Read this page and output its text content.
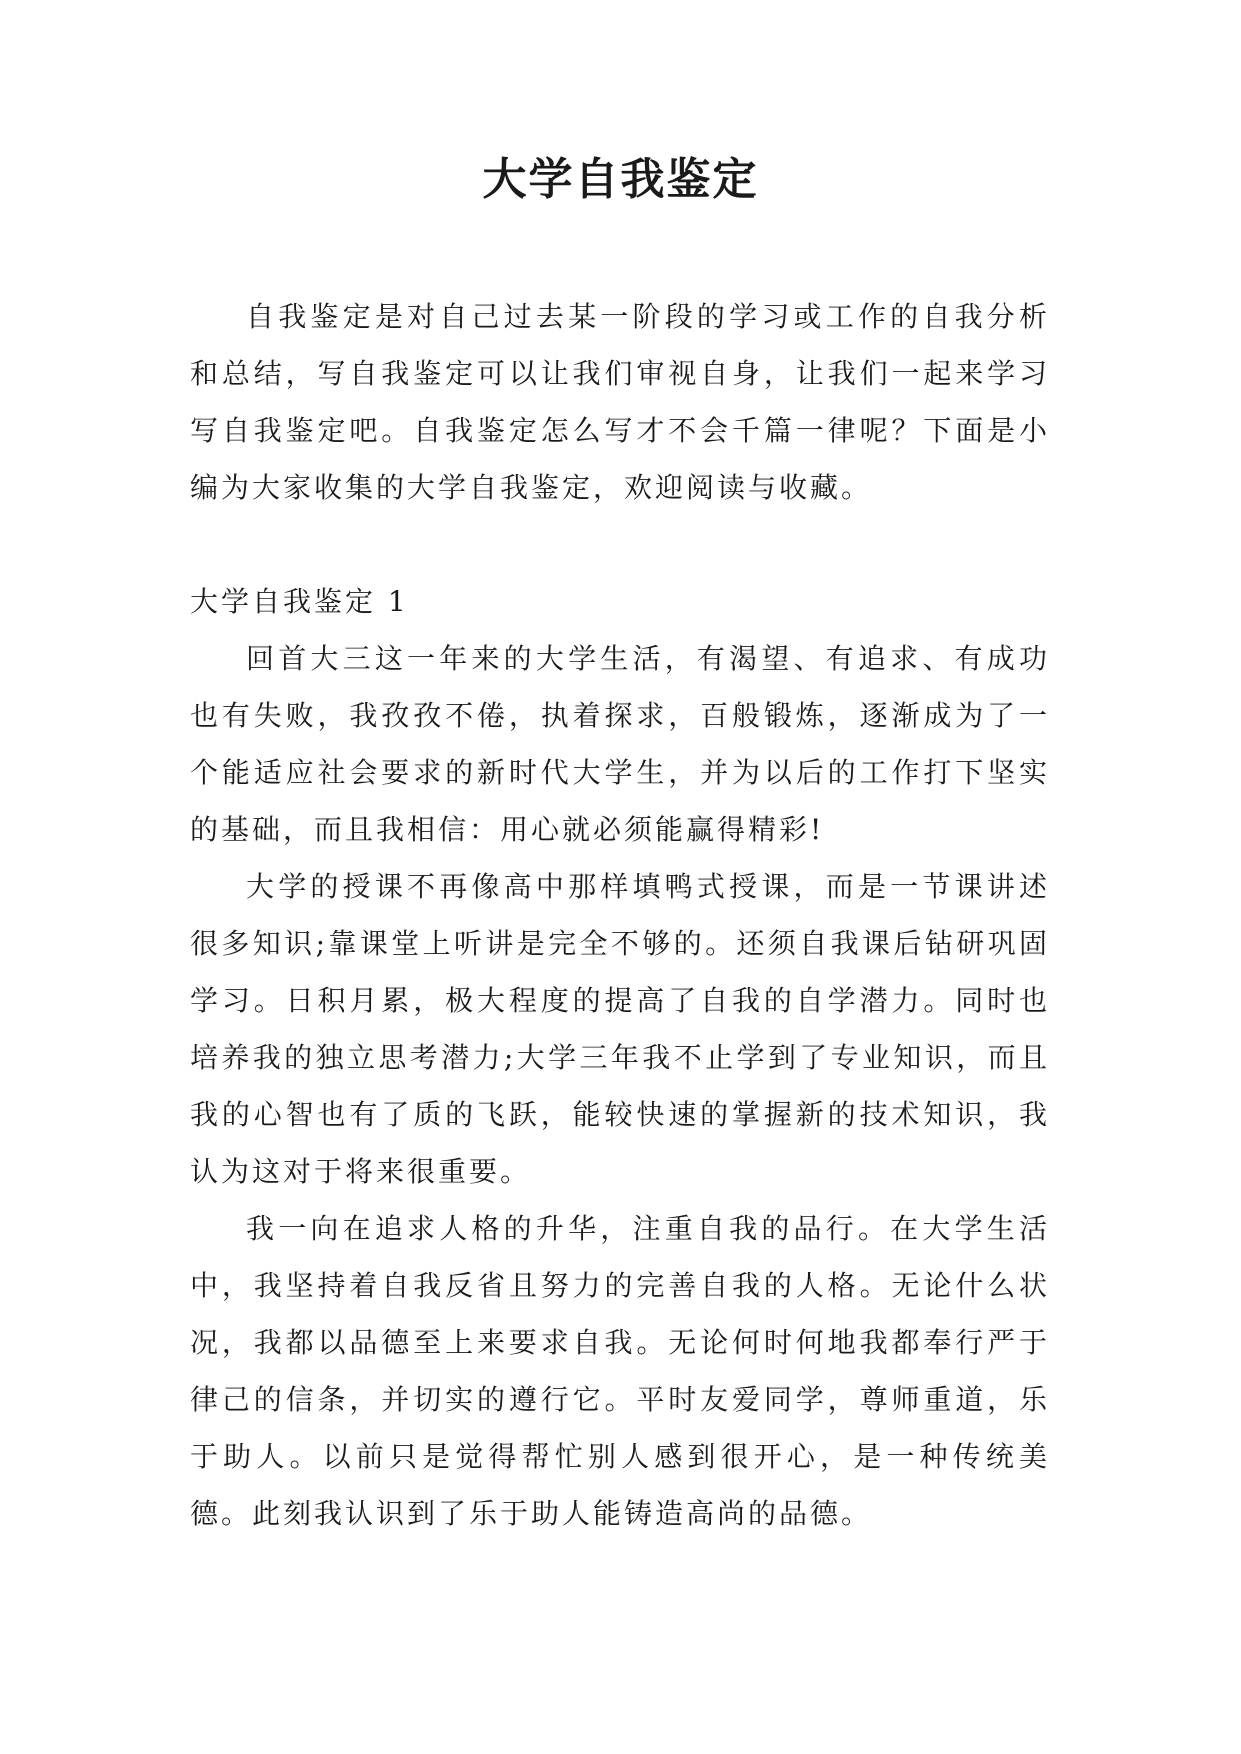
大学自我鉴定

自我鉴定是对自己过去某一阶段的学习或工作的自我分析和总结，写自我鉴定可以让我们审视自身，让我们一起来学习写自我鉴定吧。自我鉴定怎么写才不会千篇一律呢？下面是小编为大家收集的大学自我鉴定，欢迎阅读与收藏。

大学自我鉴定 1

回首大三这一年来的大学生活，有渴望、有追求、有成功也有失败，我孜孜不倦，执着探求，百般锻炼，逐渐成为了一个能适应社会要求的新时代大学生，并为以后的工作打下坚实的基础，而且我相信：用心就必须能赢得精彩!

大学的授课不再像高中那样填鸭式授课，而是一节课讲述很多知识;靠课堂上听讲是完全不够的。还须自我课后钻研巩固学习。日积月累，极大程度的提高了自我的自学潜力。同时也培养我的独立思考潜力;大学三年我不止学到了专业知识，而且我的心智也有了质的飞跃，能较快速的掌握新的技术知识，我认为这对于将来很重要。

我一向在追求人格的升华，注重自我的品行。在大学生活中，我坚持着自我反省且努力的完善自我的人格。无论什么状况，我都以品德至上来要求自我。无论何时何地我都奉行严于律己的信条，并切实的遵行它。平时友爱同学，尊师重道，乐于助人。以前只是觉得帮忙别人感到很开心，是一种传统美德。此刻我认识到了乐于助人能铸造高尚的品德。
